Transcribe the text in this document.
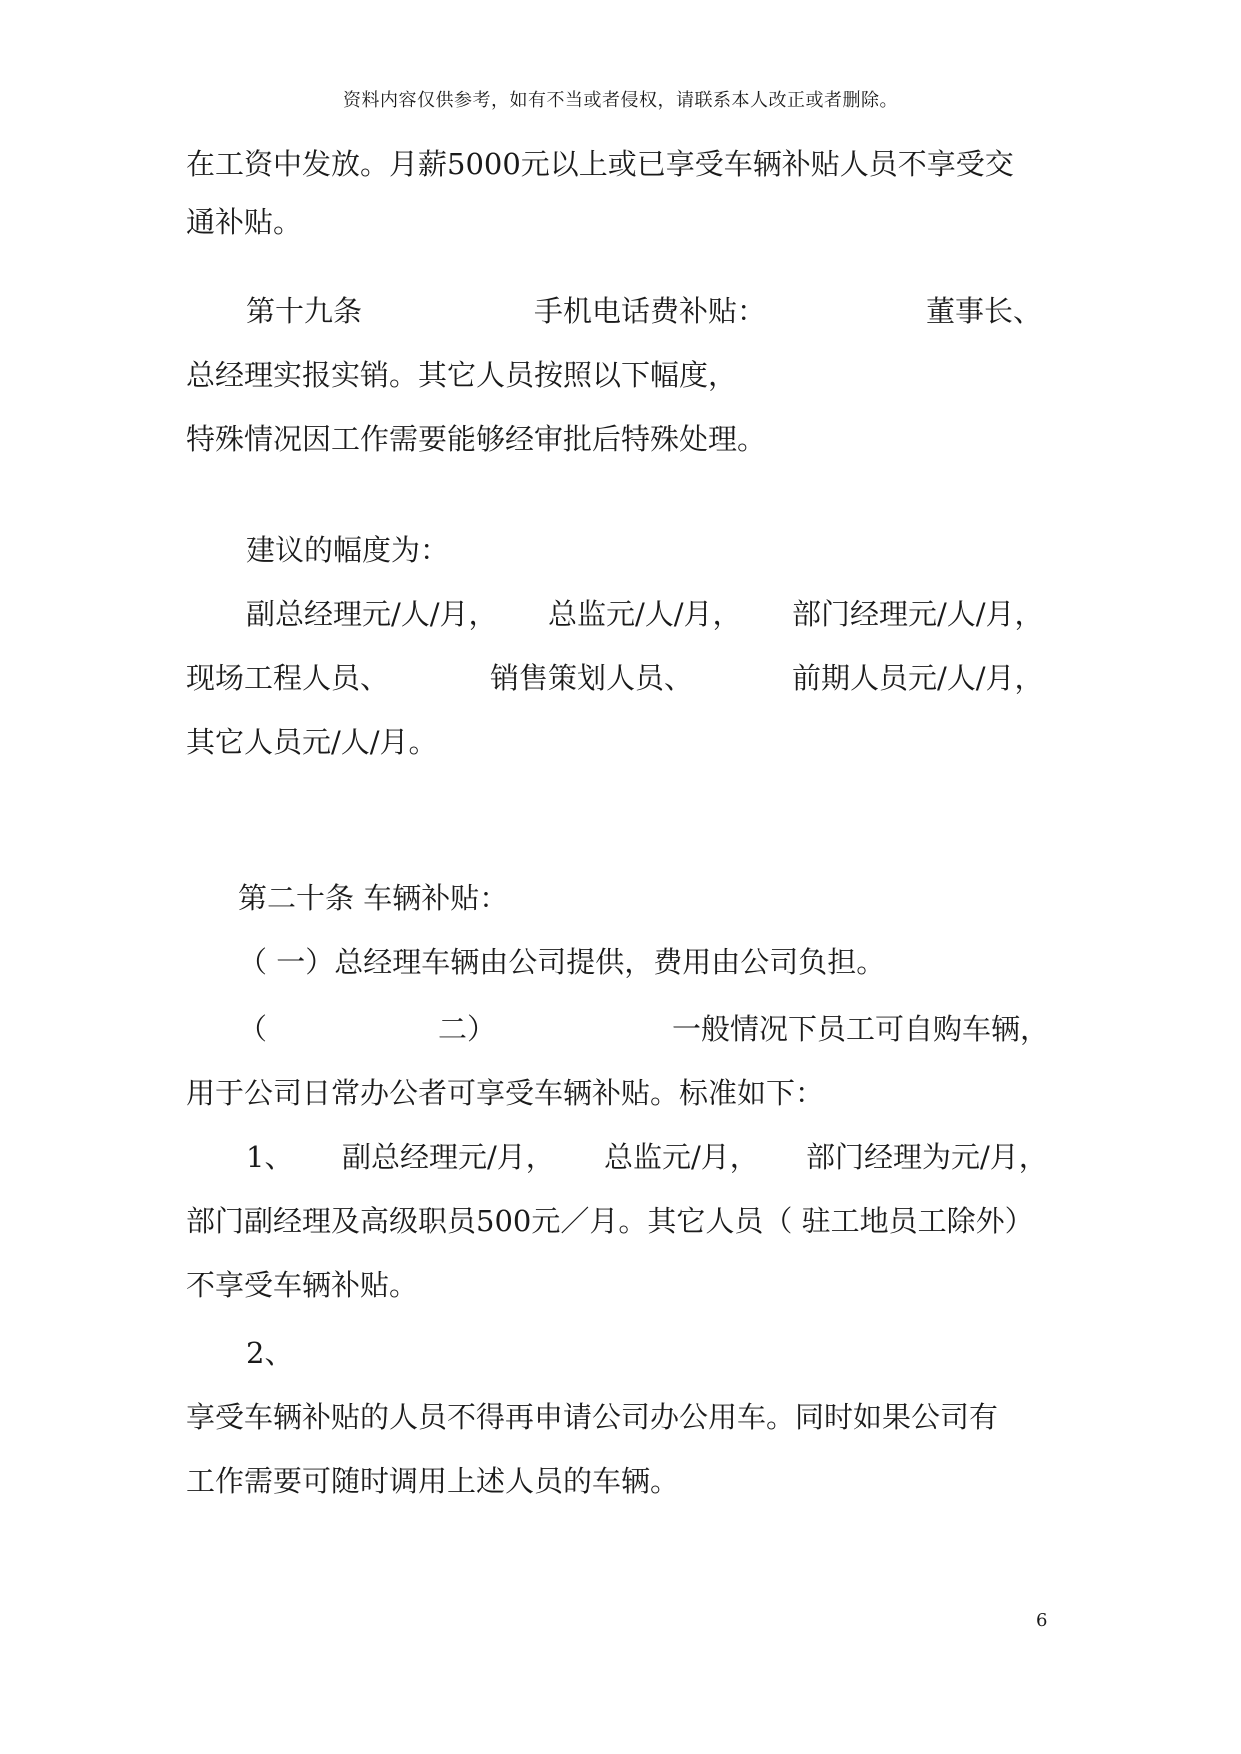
资料内容仅供参考，如有不当或者侵权，请联系本人改正或者删除。
在工资中发放。月薪5000元以上或已享受车辆补贴人员不享受交
通补贴。
第十九条	手机电话费补贴：	董事长、
总经理实报实销。其它人员按照以下幅度，
特殊情况因工作需要能够经审批后特殊处理。
建议的幅度为：
副总经理元/人/月， 总监元/人/月， 部门经理元/人/月，
现场工程人员、	销售策划人员、	前期人员元/人/月，
其它人员元/人/月。
第二十条 车辆补贴：
（ 一）总经理车辆由公司提供，费用由公司负担。
（	二）	一般情况下员工可自购车辆，
用于公司日常办公者可享受车辆补贴。标准如下：
1、 副总经理元/月， 总监元/月， 部门经理为元/月，
部门副经理及高级职员500元／月。其它人员（ 驻工地员工除外）
不享受车辆补贴。
2、
享受车辆补贴的人员不得再申请公司办公用车。同时如果公司有
工作需要可随时调用上述人员的车辆。
6
